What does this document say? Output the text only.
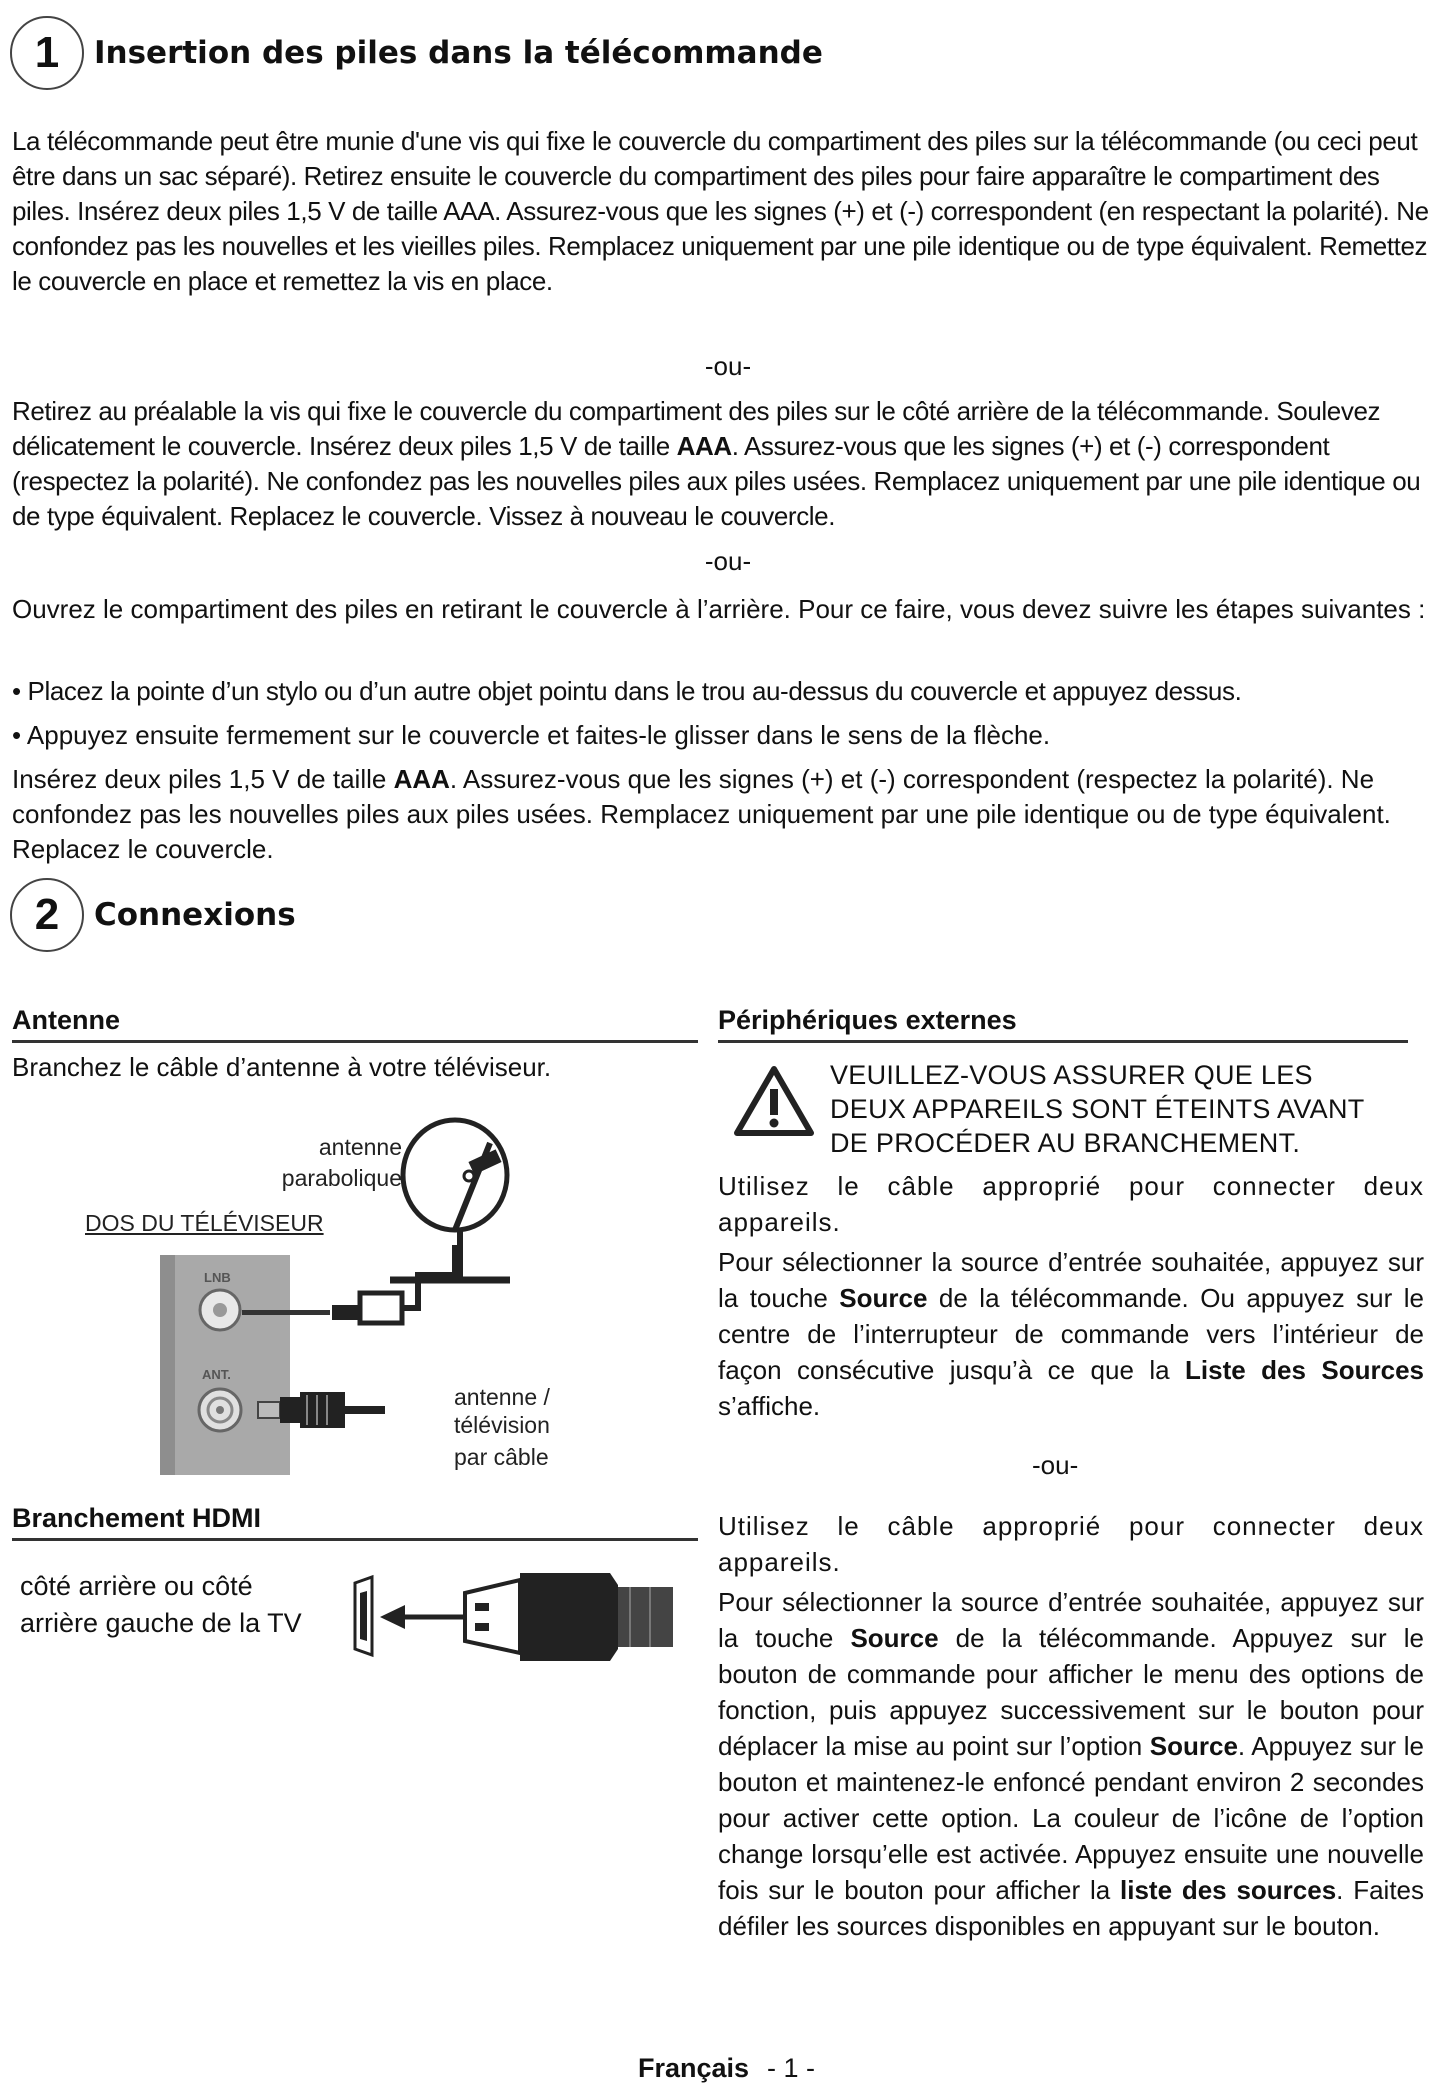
1	Insertion des piles dans la télécommande

La télécommande peut être munie d'une vis qui fixe le couvercle du compartiment des piles sur la télécommande (ou ceci peut être dans un sac séparé). Retirez ensuite le couvercle du compartiment des piles pour faire apparaître le compartiment des piles. Insérez deux piles 1,5 V de taille AAA. Assurez-vous que les signes (+) et (-) correspondent (en respectant la polarité). Ne confondez pas les nouvelles et les vieilles piles. Remplacez uniquement par une pile identique ou de type équivalent. Remettez le couvercle en place et remettez la vis en place.

-ou-

Retirez au préalable la vis qui fixe le couvercle du compartiment des piles sur le côté arrière de la télécommande. Soulevez délicatement le couvercle. Insérez deux piles 1,5 V de taille AAA. Assurez-vous que les signes (+) et (-) correspondent (respectez la polarité). Ne confondez pas les nouvelles piles aux piles usées. Remplacez uniquement par une pile identique ou de type équivalent. Replacez le couvercle. Vissez à nouveau le couvercle.

-ou-

Ouvrez le compartiment des piles en retirant le couvercle à l’arrière. Pour ce faire, vous devez suivre les étapes suivantes :

• Placez la pointe d’un stylo ou d’un autre objet pointu dans le trou au-dessus du couvercle et appuyez dessus.
• Appuyez ensuite fermement sur le couvercle et faites-le glisser dans le sens de la flèche.

Insérez deux piles 1,5 V de taille AAA. Assurez-vous que les signes (+) et (-) correspondent (respectez la polarité). Ne confondez pas les nouvelles piles aux piles usées. Remplacez uniquement par une pile identique ou de type équivalent. Replacez le couvercle.

2	Connexions
Antenne
Branchez le câble d’antenne à votre téléviseur.
antenne
parabolique
DOS DU TÉLÉVISEUR
LNB
ANT.
antenne /
télévision
par câble
Branchement HDMI
côté arrière ou côté
arrière gauche de la TV
Périphériques externes
VEUILLEZ-VOUS ASSURER QUE LES
DEUX APPAREILS SONT ÉTEINTS AVANT
DE PROCÉDER AU BRANCHEMENT.

Utilisez le câble approprié pour connecter deux appareils.

Pour sélectionner la source d’entrée souhaitée, appuyez sur la touche Source de la télécommande. Ou appuyez sur le centre de l’interrupteur de commande vers l’intérieur de façon consécutive jusqu’à ce que la Liste des Sources s’affiche.

-ou-

Utilisez le câble approprié pour connecter deux appareils.

Pour sélectionner la source d’entrée souhaitée, appuyez sur la touche Source de la télécommande. Appuyez sur le bouton de commande pour afficher le menu des options de fonction, puis appuyez successivement sur le bouton pour déplacer la mise au point sur l’option Source. Appuyez sur le bouton et maintenez-le enfoncé pendant environ 2 secondes pour activer cette option. La couleur de l’icône de l’option change lorsqu’elle est activée. Appuyez ensuite une nouvelle fois sur le bouton pour afficher la liste des sources. Faites défiler les sources disponibles en appuyant sur le bouton.

Français - 1 -
